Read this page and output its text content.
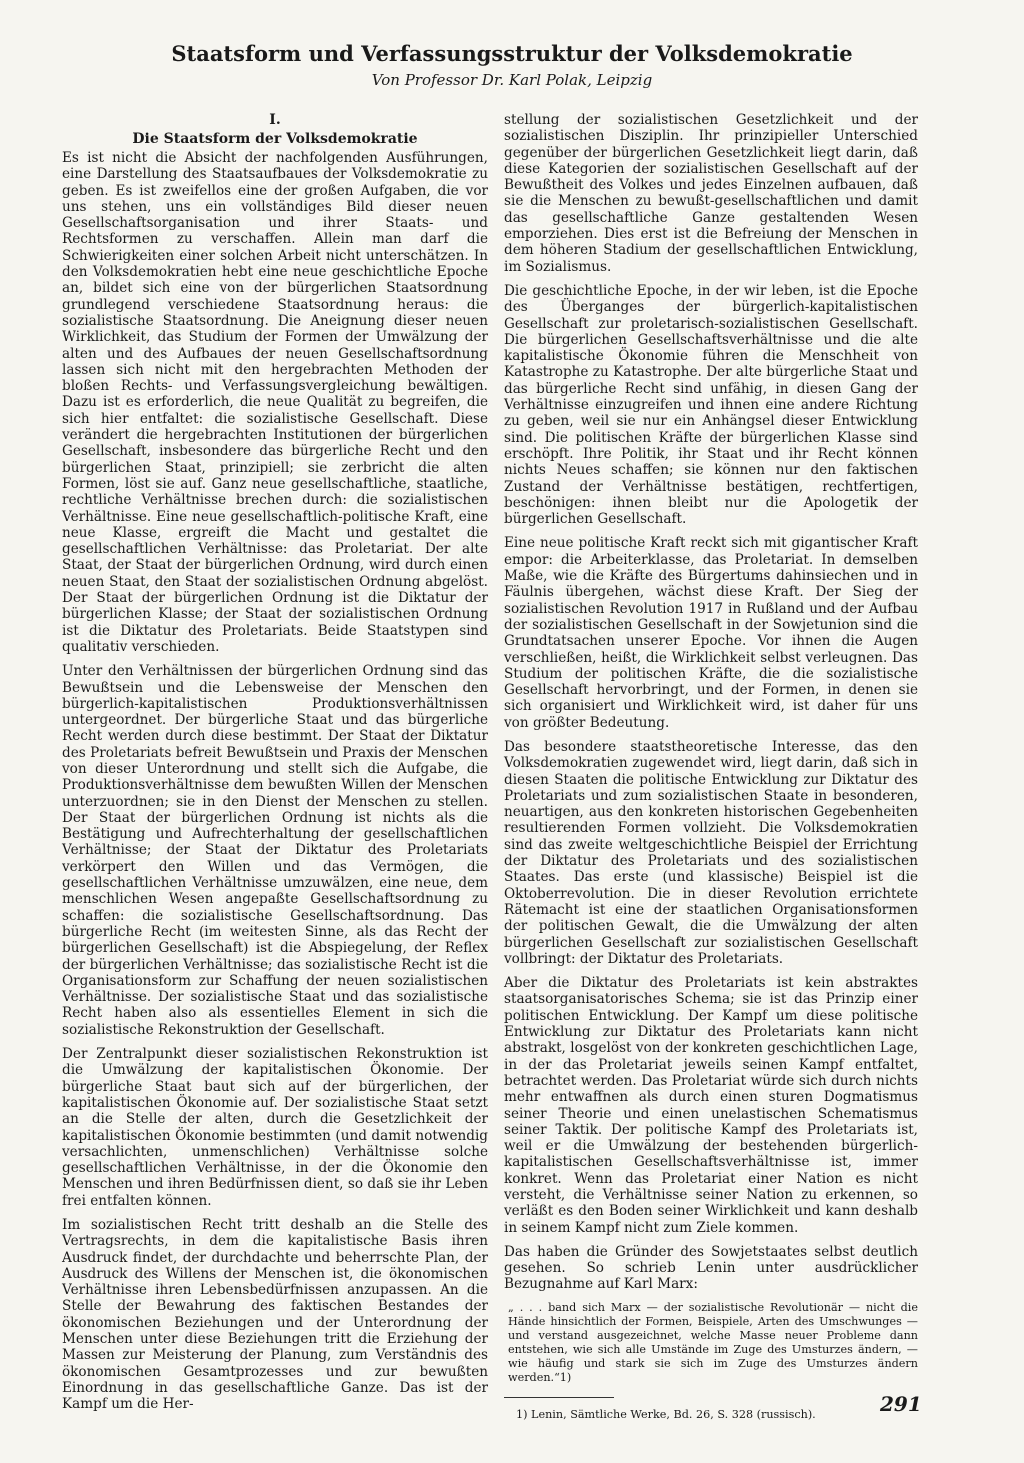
Staatsform und Verfassungsstruktur der Volksdemokratie
Von Professor Dr. Karl Polak, Leipzig
I.
Die Staatsform der Volksdemokratie

Es ist nicht die Absicht der nachfolgenden Ausführungen, eine Darstellung des Staatsaufbaues der Volksdemokratie zu geben. Es ist zweifellos eine der großen Aufgaben, die vor uns stehen, uns ein vollständiges Bild dieser neuen Gesellschaftsorganisation und ihrer Staats- und Rechtsformen zu verschaffen. Allein man darf die Schwierigkeiten einer solchen Arbeit nicht unterschätzen. In den Volksdemokratien hebt eine neue geschichtliche Epoche an, bildet sich eine von der bürgerlichen Staatsordnung grundlegend verschiedene Staatsordnung heraus: die sozialistische Staatsordnung. Die Aneignung dieser neuen Wirklichkeit, das Studium der Formen der Umwälzung der alten und des Aufbaues der neuen Gesellschaftsordnung lassen sich nicht mit den hergebrachten Methoden der bloßen Rechts- und Verfassungsvergleichung bewältigen. Dazu ist es erforderlich, die neue Qualität zu begreifen, die sich hier entfaltet: die sozialistische Gesellschaft. Diese verändert die hergebrachten Institutionen der bürgerlichen Gesellschaft, insbesondere das bürgerliche Recht und den bürgerlichen Staat, prinzipiell; sie zerbricht die alten Formen, löst sie auf. Ganz neue gesellschaftliche, staatliche, rechtliche Verhältnisse brechen durch: die sozialistischen Verhältnisse. Eine neue gesellschaftlich-politische Kraft, eine neue Klasse, ergreift die Macht und gestaltet die gesellschaftlichen Verhältnisse: das Proletariat. Der alte Staat, der Staat der bürgerlichen Ordnung, wird durch einen neuen Staat, den Staat der sozialistischen Ordnung abgelöst. Der Staat der bürgerlichen Ordnung ist die Diktatur der bürgerlichen Klasse; der Staat der sozialistischen Ordnung ist die Diktatur des Proletariats. Beide Staatstypen sind qualitativ verschieden.

Unter den Verhältnissen der bürgerlichen Ordnung sind das Bewußtsein und die Lebensweise der Menschen den bürgerlich-kapitalistischen Produktionsverhältnissen untergeordnet. Der bürgerliche Staat und das bürgerliche Recht werden durch diese bestimmt. Der Staat der Diktatur des Proletariats befreit Bewußtsein und Praxis der Menschen von dieser Unterordnung und stellt sich die Aufgabe, die Produktionsverhältnisse dem bewußten Willen der Menschen unterzuordnen; sie in den Dienst der Menschen zu stellen. Der Staat der bürgerlichen Ordnung ist nichts als die Bestätigung und Aufrechterhaltung der gesellschaftlichen Verhältnisse; der Staat der Diktatur des Proletariats verkörpert den Willen und das Vermögen, die gesellschaftlichen Verhältnisse umzuwälzen, eine neue, dem menschlichen Wesen angepaßte Gesellschaftsordnung zu schaffen: die sozialistische Gesellschaftsordnung. Das bürgerliche Recht (im weitesten Sinne, als das Recht der bürgerlichen Gesellschaft) ist die Abspiegelung, der Reflex der bürgerlichen Verhältnisse; das sozialistische Recht ist die Organisationsform zur Schaffung der neuen sozialistischen Verhältnisse. Der sozialistische Staat und das sozialistische Recht haben also als essentielles Element in sich die sozialistische Rekonstruktion der Gesellschaft.

Der Zentralpunkt dieser sozialistischen Rekonstruktion ist die Umwälzung der kapitalistischen Ökonomie. Der bürgerliche Staat baut sich auf der bürgerlichen, der kapitalistischen Ökonomie auf. Der sozialistische Staat setzt an die Stelle der alten, durch die Gesetzlichkeit der kapitalistischen Ökonomie bestimmten (und damit notwendig versachlichten, unmenschlichen) Verhältnisse solche gesellschaftlichen Verhältnisse, in der die Ökonomie den Menschen und ihren Bedürfnissen dient, so daß sie ihr Leben frei entfalten können.

Im sozialistischen Recht tritt deshalb an die Stelle des Vertragsrechts, in dem die kapitalistische Basis ihren Ausdruck findet, der durchdachte und beherrschte Plan, der Ausdruck des Willens der Menschen ist, die ökonomischen Verhältnisse ihren Lebensbedürfnissen anzupassen. An die Stelle der Bewahrung des faktischen Bestandes der ökonomischen Beziehungen und der Unterordnung der Menschen unter diese Beziehungen tritt die Erziehung der Massen zur Meisterung der Planung, zum Verständnis des ökonomischen Gesamtprozesses und zur bewußten Einordnung in das gesellschaftliche Ganze. Das ist der Kampf um die Her-

stellung der sozialistischen Gesetzlichkeit und der sozialistischen Disziplin. Ihr prinzipieller Unterschied gegenüber der bürgerlichen Gesetzlichkeit liegt darin, daß diese Kategorien der sozialistischen Gesellschaft auf der Bewußtheit des Volkes und jedes Einzelnen aufbauen, daß sie die Menschen zu bewußt-gesellschaftlichen und damit das gesellschaftliche Ganze gestaltenden Wesen emporziehen. Dies erst ist die Befreiung der Menschen in dem höheren Stadium der gesellschaftlichen Entwicklung, im Sozialismus.

Die geschichtliche Epoche, in der wir leben, ist die Epoche des Überganges der bürgerlich-kapitalistischen Gesellschaft zur proletarisch-sozialistischen Gesellschaft. Die bürgerlichen Gesellschaftsverhältnisse und die alte kapitalistische Ökonomie führen die Menschheit von Katastrophe zu Katastrophe. Der alte bürgerliche Staat und das bürgerliche Recht sind unfähig, in diesen Gang der Verhältnisse einzugreifen und ihnen eine andere Richtung zu geben, weil sie nur ein Anhängsel dieser Entwicklung sind. Die politischen Kräfte der bürgerlichen Klasse sind erschöpft. Ihre Politik, ihr Staat und ihr Recht können nichts Neues schaffen; sie können nur den faktischen Zustand der Verhältnisse bestätigen, rechtfertigen, beschönigen: ihnen bleibt nur die Apologetik der bürgerlichen Gesellschaft.

Eine neue politische Kraft reckt sich mit gigantischer Kraft empor: die Arbeiterklasse, das Proletariat. In demselben Maße, wie die Kräfte des Bürgertums dahinsiechen und in Fäulnis übergehen, wächst diese Kraft. Der Sieg der sozialistischen Revolution 1917 in Rußland und der Aufbau der sozialistischen Gesellschaft in der Sowjetunion sind die Grundtatsachen unserer Epoche. Vor ihnen die Augen verschließen, heißt, die Wirklichkeit selbst verleugnen. Das Studium der politischen Kräfte, die die sozialistische Gesellschaft hervorbringt, und der Formen, in denen sie sich organisiert und Wirklichkeit wird, ist daher für uns von größter Bedeutung.

Das besondere staatstheoretische Interesse, das den Volksdemokratien zugewendet wird, liegt darin, daß sich in diesen Staaten die politische Entwicklung zur Diktatur des Proletariats und zum sozialistischen Staate in besonderen, neuartigen, aus den konkreten historischen Gegebenheiten resultierenden Formen vollzieht. Die Volksdemokratien sind das zweite weltgeschichtliche Beispiel der Errichtung der Diktatur des Proletariats und des sozialistischen Staates. Das erste (und klassische) Beispiel ist die Oktoberrevolution. Die in dieser Revolution errichtete Rätemacht ist eine der staatlichen Organisationsformen der politischen Gewalt, die die Umwälzung der alten bürgerlichen Gesellschaft zur sozialistischen Gesellschaft vollbringt: der Diktatur des Proletariats.

Aber die Diktatur des Proletariats ist kein abstraktes staatsorganisatorisches Schema; sie ist das Prinzip einer politischen Entwicklung. Der Kampf um diese politische Entwicklung zur Diktatur des Proletariats kann nicht abstrakt, losgelöst von der konkreten geschichtlichen Lage, in der das Proletariat jeweils seinen Kampf entfaltet, betrachtet werden. Das Proletariat würde sich durch nichts mehr entwaffnen als durch einen sturen Dogmatismus seiner Theorie und einen unelastischen Schematismus seiner Taktik. Der politische Kampf des Proletariats ist, weil er die Umwälzung der bestehenden bürgerlich-kapitalistischen Gesellschaftsverhältnisse ist, immer konkret. Wenn das Proletariat einer Nation es nicht versteht, die Verhältnisse seiner Nation zu erkennen, so verläßt es den Boden seiner Wirklichkeit und kann deshalb in seinem Kampf nicht zum Ziele kommen.

Das haben die Gründer des Sowjetstaates selbst deutlich gesehen. So schrieb Lenin unter ausdrücklicher Bezugnahme auf Karl Marx:

„ . . . band sich Marx — der sozialistische Revolutionär — nicht die Hände hinsichtlich der Formen, Beispiele, Arten des Umschwunges — und verstand ausgezeichnet, welche Masse neuer Probleme dann entstehen, wie sich alle Umstände im Zuge des Umsturzes ändern, — wie häufig und stark sie sich im Zuge des Umsturzes ändern werden.“1)
1) Lenin, Sämtliche Werke, Bd. 26, S. 328 (russisch).	291
